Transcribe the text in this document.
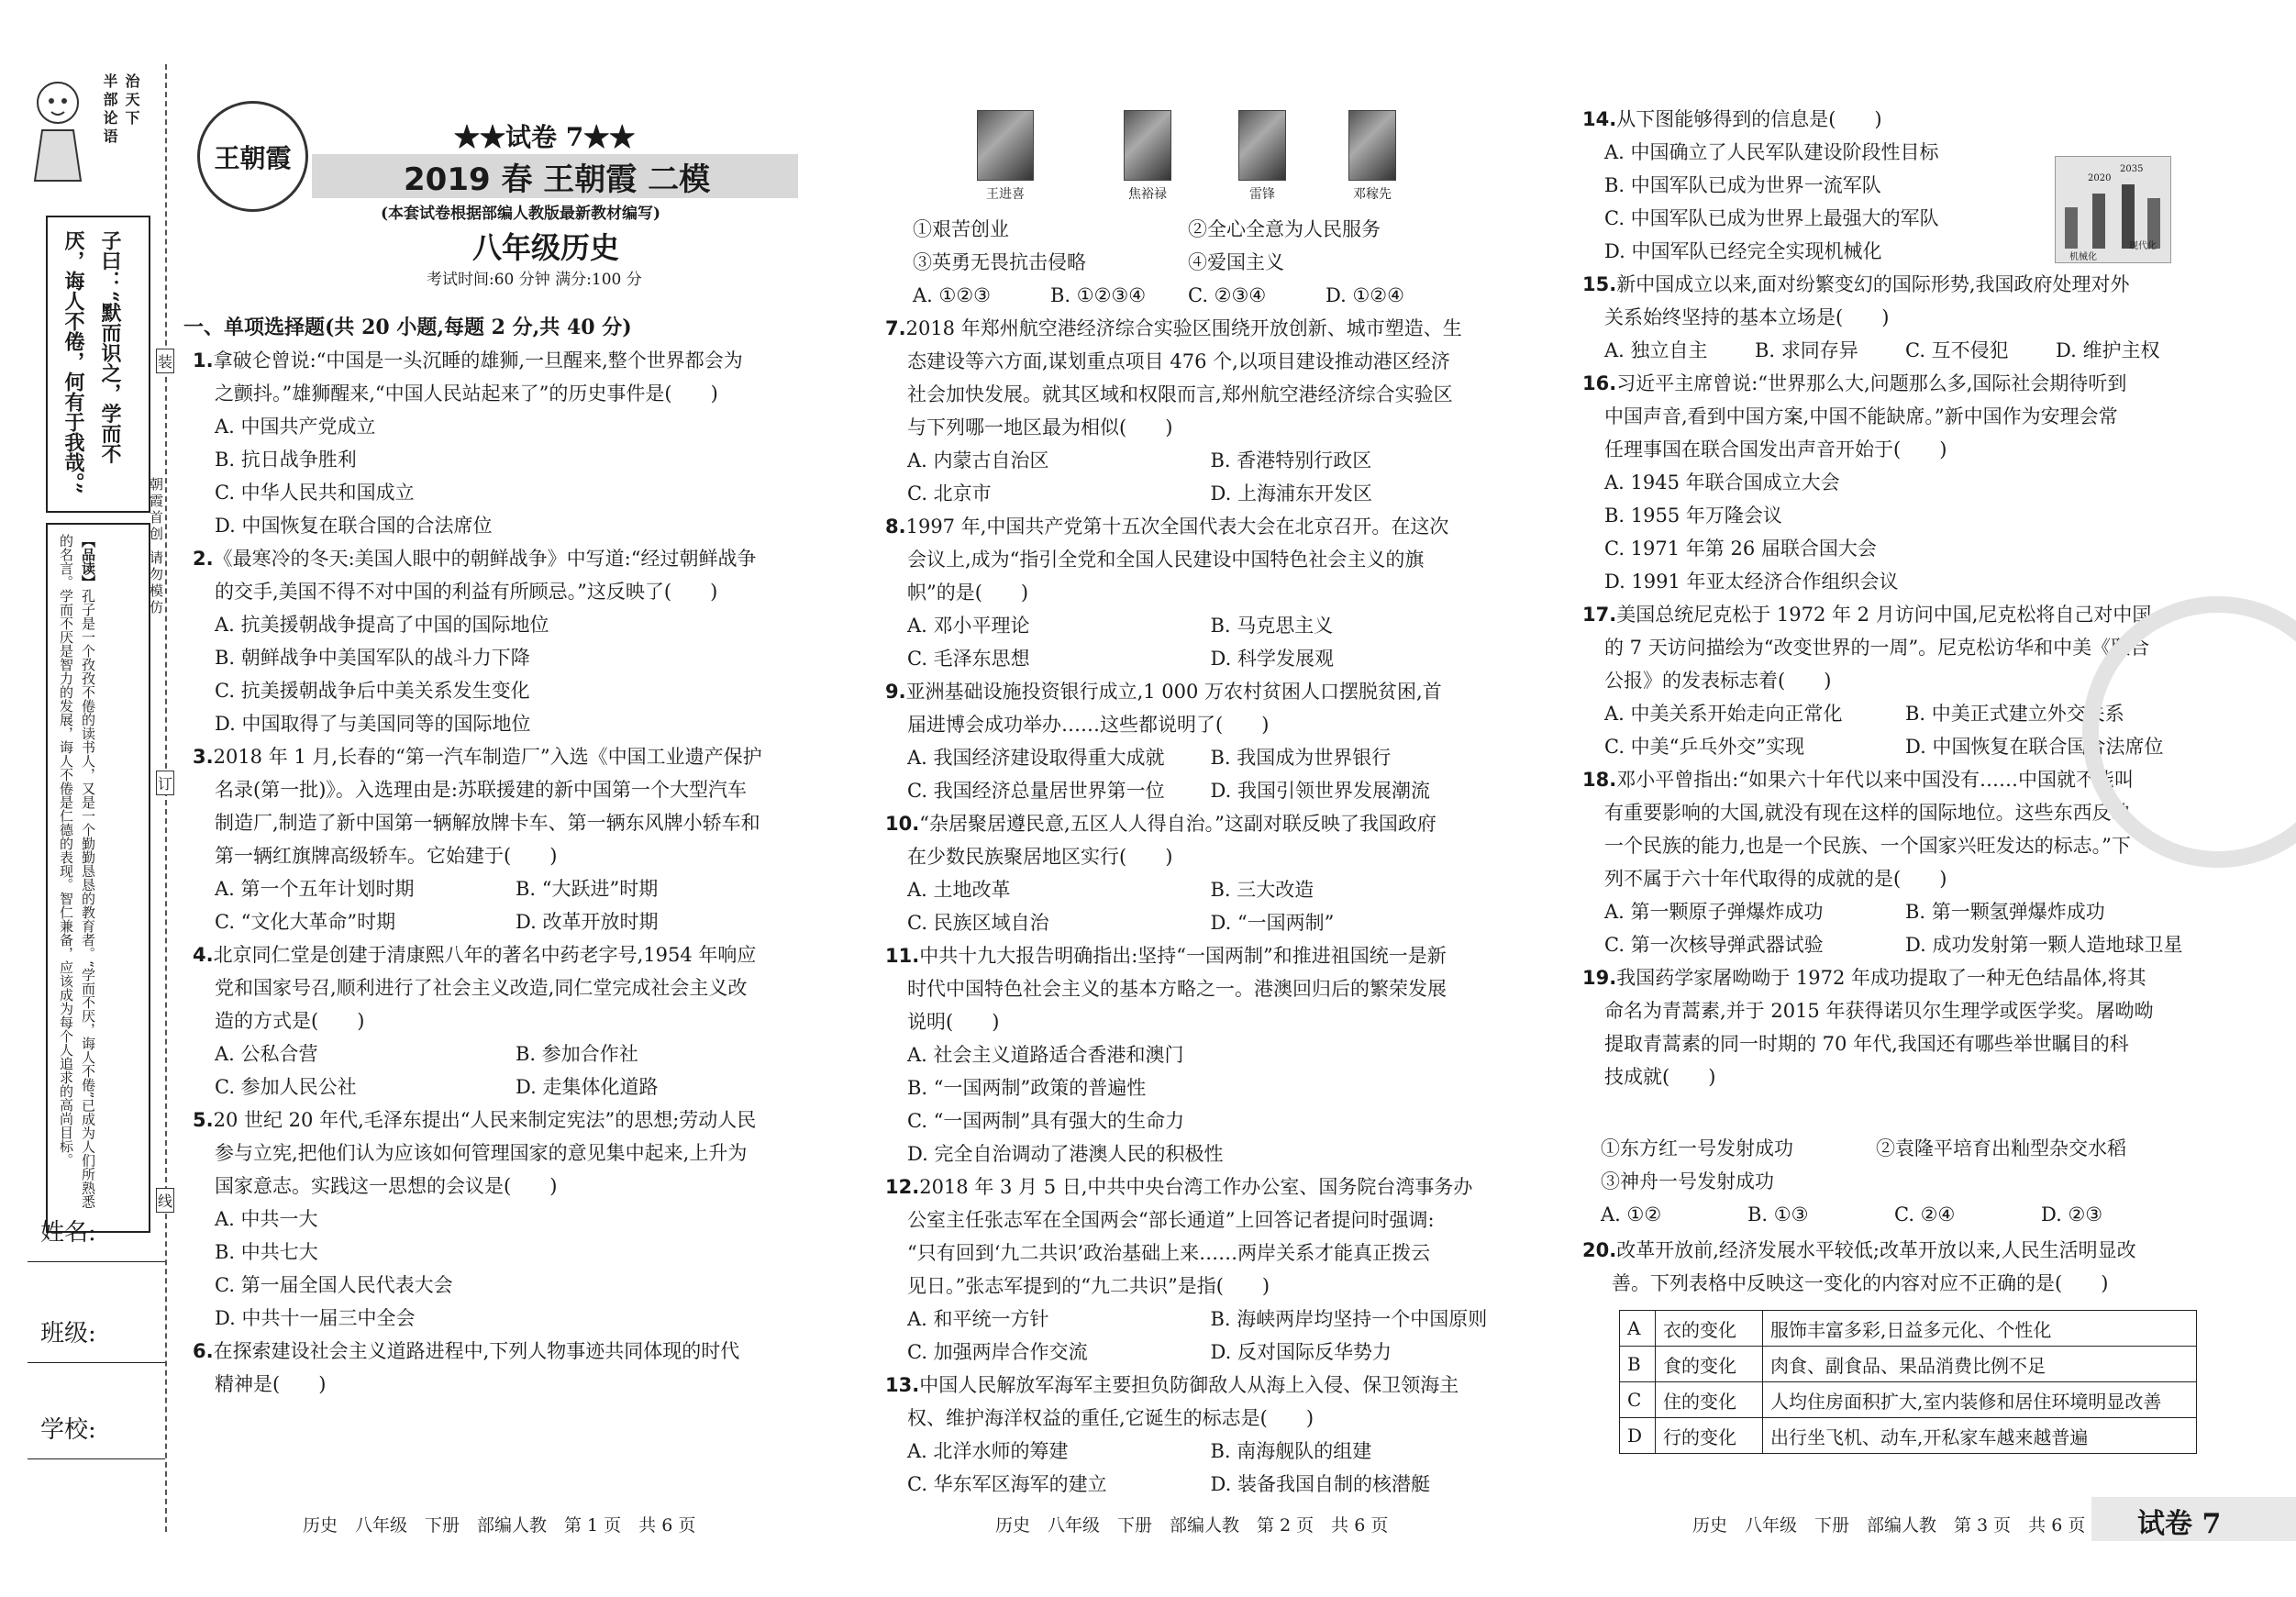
半部论语 治天下
子曰：“默而识之，学而不厌，诲人不倦，何有于我哉。”
【品读】孔子是一个孜孜不倦的读书人，又是一个勤勤恳恳的教育者。“学而不厌，诲人不倦”已成为人们所熟悉的名言。学而不厌是智力的发展，诲人不倦是仁德的表现。智仁兼备，应该成为每个人追求的高尚目标。
姓名:
班级:
学校:
朝霞首创 请勿模仿
装
订
线
王朝霞
★★试卷 7★★
2019 春 王朝霞 二模
(本套试卷根据部编人教版最新教材编写)
八年级历史
考试时间:60 分钟 满分:100 分
一、单项选择题(共 20 小题,每题 2 分,共 40 分)
1.拿破仑曾说:“中国是一头沉睡的雄狮,一旦醒来,整个世界都会为
之颤抖。”雄狮醒来,“中国人民站起来了”的历史事件是(　　)
A. 中国共产党成立
B. 抗日战争胜利
C. 中华人民共和国成立
D. 中国恢复在联合国的合法席位
2.《最寒冷的冬天:美国人眼中的朝鲜战争》中写道:“经过朝鲜战争
的交手,美国不得不对中国的利益有所顾忌。”这反映了(　　)
A. 抗美援朝战争提高了中国的国际地位
B. 朝鲜战争中美国军队的战斗力下降
C. 抗美援朝战争后中美关系发生变化
D. 中国取得了与美国同等的国际地位
3.2018 年 1 月,长春的“第一汽车制造厂”入选《中国工业遗产保护
名录(第一批)》。入选理由是:苏联援建的新中国第一个大型汽车
制造厂,制造了新中国第一辆解放牌卡车、第一辆东风牌小轿车和
第一辆红旗牌高级轿车。它始建于(　　)
A. 第一个五年计划时期	B. “大跃进”时期
C. “文化大革命”时期	D. 改革开放时期
4.北京同仁堂是创建于清康熙八年的著名中药老字号,1954 年响应
党和国家号召,顺利进行了社会主义改造,同仁堂完成社会主义改
造的方式是(　　)
A. 公私合营	B. 参加合作社
C. 参加人民公社	D. 走集体化道路
5.20 世纪 20 年代,毛泽东提出“人民来制定宪法”的思想;劳动人民
参与立宪,把他们认为应该如何管理国家的意见集中起来,上升为
国家意志。实践这一思想的会议是(　　)
A. 中共一大
B. 中共七大
C. 第一届全国人民代表大会
D. 中共十一届三中全会
6.在探索建设社会主义道路进程中,下列人物事迹共同体现的时代
精神是(　　)
王进喜	焦裕禄	雷锋	邓稼先
①艰苦创业	②全心全意为人民服务
③英勇无畏抗击侵略	④爱国主义
A. ①②③	B. ①②③④	C. ②③④	D. ①②④
7.2018 年郑州航空港经济综合实验区围绕开放创新、城市塑造、生
态建设等六方面,谋划重点项目 476 个,以项目建设推动港区经济
社会加快发展。就其区域和权限而言,郑州航空港经济综合实验区
与下列哪一地区最为相似(　　)
A. 内蒙古自治区	B. 香港特别行政区
C. 北京市	D. 上海浦东开发区
8.1997 年,中国共产党第十五次全国代表大会在北京召开。在这次
会议上,成为“指引全党和全国人民建设中国特色社会主义的旗
帜”的是(　　)
A. 邓小平理论	B. 马克思主义
C. 毛泽东思想	D. 科学发展观
9.亚洲基础设施投资银行成立,1 000 万农村贫困人口摆脱贫困,首
届进博会成功举办……这些都说明了(　　)
A. 我国经济建设取得重大成就	B. 我国成为世界银行
C. 我国经济总量居世界第一位	D. 我国引领世界发展潮流
10.“杂居聚居遵民意,五区人人得自治。”这副对联反映了我国政府
在少数民族聚居地区实行(　　)
A. 土地改革	B. 三大改造
C. 民族区域自治	D. “一国两制”
11.中共十九大报告明确指出:坚持“一国两制”和推进祖国统一是新
时代中国特色社会主义的基本方略之一。港澳回归后的繁荣发展
说明(　　)
A. 社会主义道路适合香港和澳门
B. “一国两制”政策的普遍性
C. “一国两制”具有强大的生命力
D. 完全自治调动了港澳人民的积极性
12.2018 年 3 月 5 日,中共中央台湾工作办公室、国务院台湾事务办
公室主任张志军在全国两会“部长通道”上回答记者提问时强调:
“只有回到‘九二共识’政治基础上来……两岸关系才能真正拨云
见日。”张志军提到的“九二共识”是指(　　)
A. 和平统一方针	B. 海峡两岸均坚持一个中国原则
C. 加强两岸合作交流	D. 反对国际反华势力
13.中国人民解放军海军主要担负防御敌人从海上入侵、保卫领海主
权、维护海洋权益的重任,它诞生的标志是(　　)
A. 北洋水师的筹建	B. 南海舰队的组建
C. 华东军区海军的建立	D. 装备我国自制的核潜艇
2020
2035
机械化
现代化
14.从下图能够得到的信息是(　　)
A. 中国确立了人民军队建设阶段性目标
B. 中国军队已成为世界一流军队
C. 中国军队已成为世界上最强大的军队
D. 中国军队已经完全实现机械化
15.新中国成立以来,面对纷繁变幻的国际形势,我国政府处理对外
关系始终坚持的基本立场是(　　)
A. 独立自主	B. 求同存异	C. 互不侵犯	D. 维护主权
16.习近平主席曾说:“世界那么大,问题那么多,国际社会期待听到
中国声音,看到中国方案,中国不能缺席。”新中国作为安理会常
任理事国在联合国发出声音开始于(　　)
A. 1945 年联合国成立大会
B. 1955 年万隆会议
C. 1971 年第 26 届联合国大会
D. 1991 年亚太经济合作组织会议
17.美国总统尼克松于 1972 年 2 月访问中国,尼克松将自己对中国
的 7 天访问描绘为“改变世界的一周”。尼克松访华和中美《联合
公报》的发表标志着(　　)
A. 中美关系开始走向正常化	B. 中美正式建立外交关系
C. 中美“乒乓外交”实现	D. 中国恢复在联合国合法席位
18.邓小平曾指出:“如果六十年代以来中国没有……中国就不能叫
有重要影响的大国,就没有现在这样的国际地位。这些东西反映
一个民族的能力,也是一个民族、一个国家兴旺发达的标志。”下
列不属于六十年代取得的成就的是(　　)
A. 第一颗原子弹爆炸成功	B. 第一颗氢弹爆炸成功
C. 第一次核导弹武器试验	D. 成功发射第一颗人造地球卫星
19.我国药学家屠呦呦于 1972 年成功提取了一种无色结晶体,将其
命名为青蒿素,并于 2015 年获得诺贝尔生理学或医学奖。屠呦呦
提取青蒿素的同一时期的 70 年代,我国还有哪些举世瞩目的科
技成就(　　)
①东方红一号发射成功	②袁隆平培育出籼型杂交水稻
③神舟一号发射成功
A. ①②	B. ①③	C. ②④	D. ②③
20.改革开放前,经济发展水平较低;改革开放以来,人民生活明显改
善。下列表格中反映这一变化的内容对应不正确的是(　　)
A	衣的变化	服饰丰富多彩,日益多元化、个性化
B	食的变化	肉食、副食品、果品消费比例不足
C	住的变化	人均住房面积扩大,室内装修和居住环境明显改善
D	行的变化	出行坐飞机、动车,开私家车越来越普遍
历史　八年级　下册　部编人教　第 1 页　共 6 页	历史　八年级　下册　部编人教　第 2 页　共 6 页	历史　八年级　下册　部编人教　第 3 页　共 6 页 试卷 7
